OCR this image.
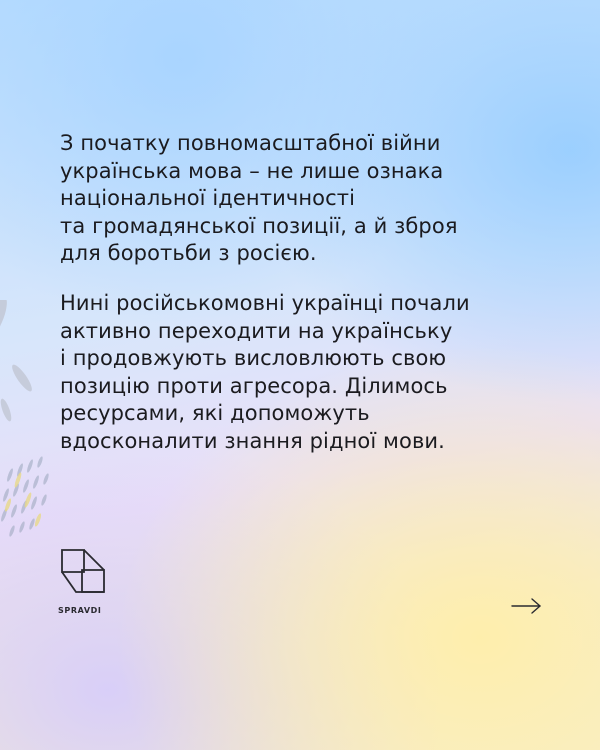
З початку повномасштабної війни
українська мова – не лише ознака
національної ідентичності
та громадянської позиції, а й зброя
для боротьби з росією.
Нині російськомовні українці почали
активно переходити на українську
і продовжують висловлюють свою
позицію проти агресора. Ділимось
ресурсами, які допоможуть
вдосконалити знання рідної мови.
SPRAVDI
